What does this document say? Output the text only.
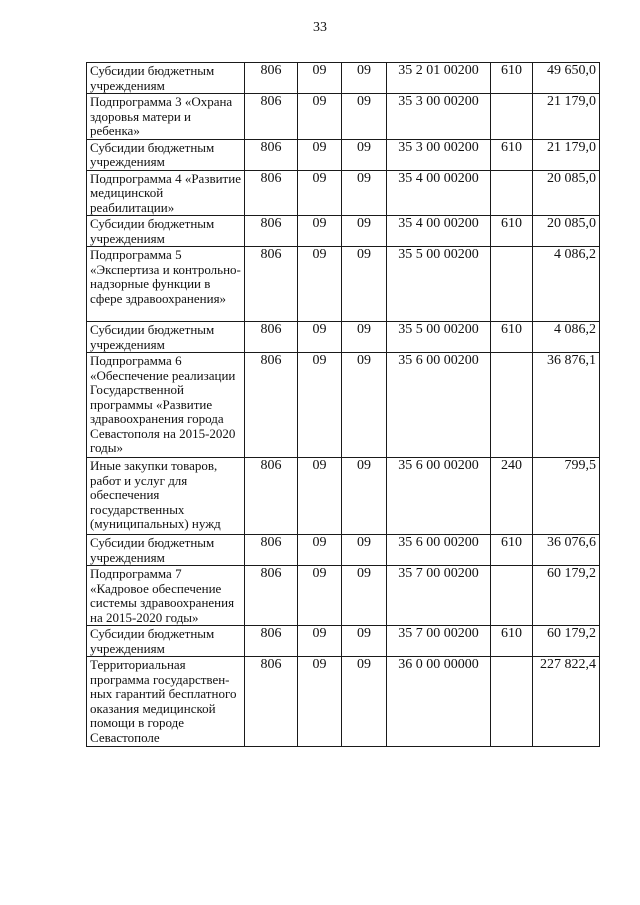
33
Субсидии бюджетным учреждениям	806	09	09	35 2 01 00200	610	49 650,0
Подпрограмма 3 «Охрана здоровья матери и ребенка»	806	09	09	35 3 00 00200		21 179,0
Субсидии бюджетным учреждениям	806	09	09	35 3 00 00200	610	21 179,0
Подпрограмма 4 «Развитие медицинской реабилитации»	806	09	09	35 4 00 00200		20 085,0
Субсидии бюджетным учреждениям	806	09	09	35 4 00 00200	610	20 085,0
Подпрограмма 5 «Экспертиза и контрольно-надзорные функции в сфере здравоохранения»	806	09	09	35 5 00 00200		4 086,2
Субсидии бюджетным учреждениям	806	09	09	35 5 00 00200	610	4 086,2
Подпрограмма 6 «Обеспечение реализации Государственной программы «Развитие здравоохранения города Севастополя на 2015-2020 годы»	806	09	09	35 6 00 00200		36 876,1
Иные закупки товаров, работ и услуг для обеспечения государственных (муниципальных) нужд	806	09	09	35 6 00 00200	240	799,5
Субсидии бюджетным учреждениям	806	09	09	35 6 00 00200	610	36 076,6
Подпрограмма 7 «Кадровое обеспечение системы здравоохранения на 2015-2020 годы»	806	09	09	35 7 00 00200		60 179,2
Субсидии бюджетным учреждениям	806	09	09	35 7 00 00200	610	60 179,2
Территориальная программа государствен-ных гарантий бесплатного оказания медицинской помощи в городе Севастополе	806	09	09	36 0 00 00000		227 822,4
